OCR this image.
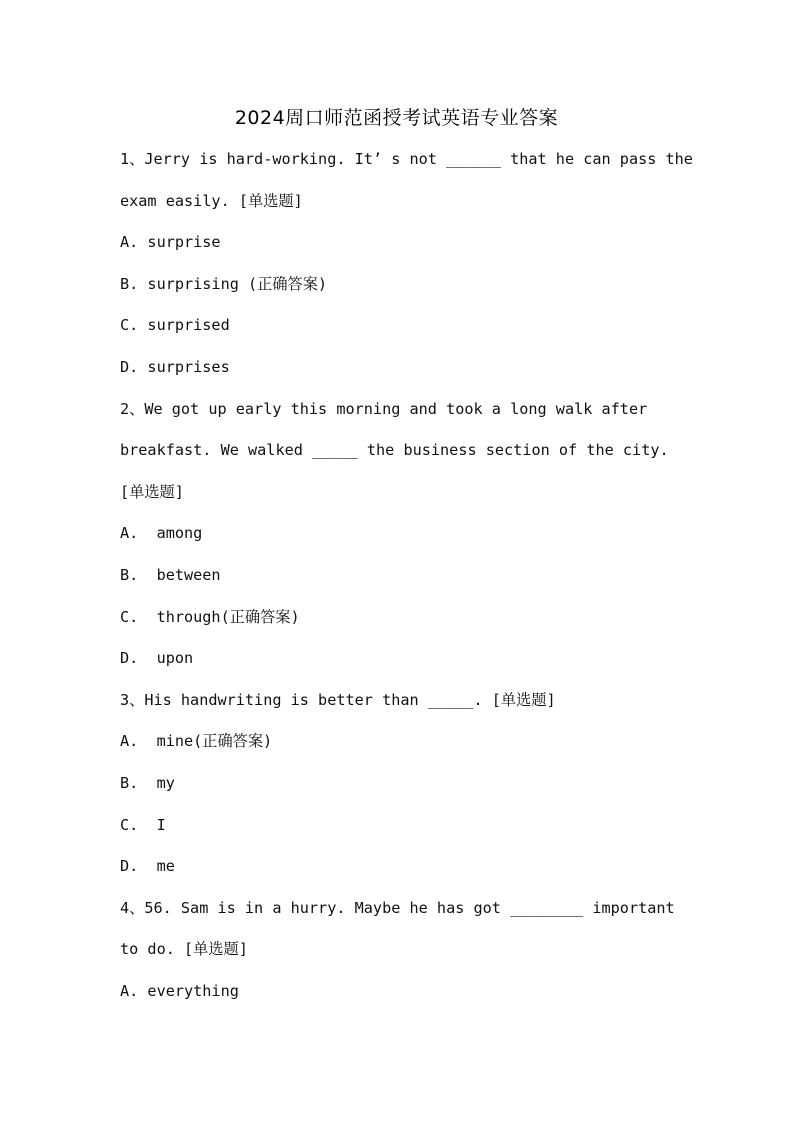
2024周口师范函授考试英语专业答案
1、Jerry is hard-working. It’ s not ______ that he can pass the
exam easily. [单选题]
A. surprise
B. surprising (正确答案)
C. surprised
D. surprises
2、We got up early this morning and took a long walk after
breakfast. We walked _____ the business section of the city.
[单选题]
A.  among
B.  between
C.  through(正确答案)
D.  upon
3、His handwriting is better than _____. [单选题]
A.  mine(正确答案)
B.  my
C.  I
D.  me
4、56. Sam is in a hurry. Maybe he has got ________ important
to do. [单选题]
A. everything
